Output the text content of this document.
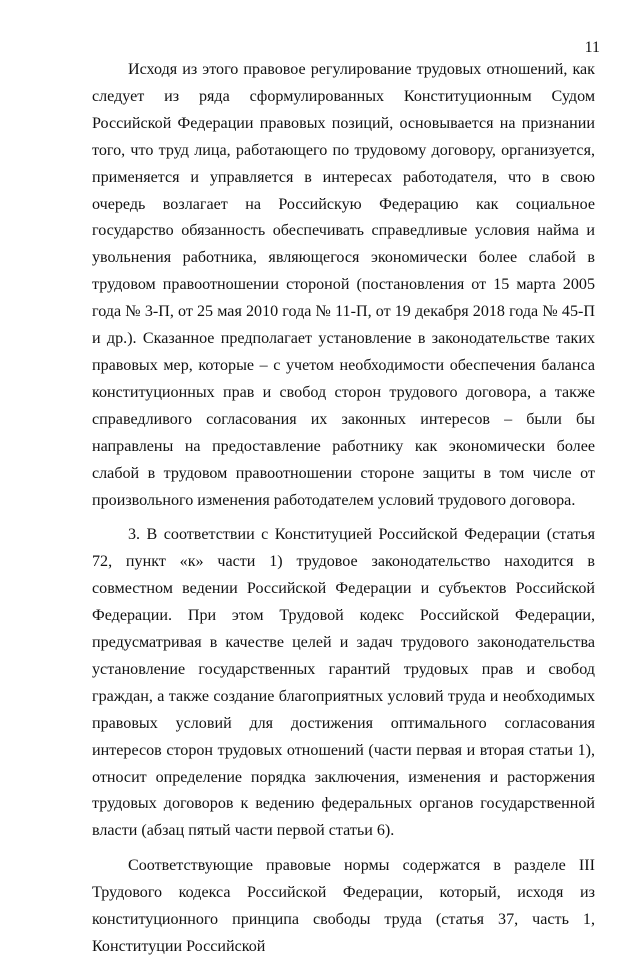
11

Исходя из этого правовое регулирование трудовых отношений, как следует из ряда сформулированных Конституционным Судом Российской Федерации правовых позиций, основывается на признании того, что труд лица, работающего по трудовому договору, организуется, применяется и управляется в интересах работодателя, что в свою очередь возлагает на Российскую Федерацию как социальное государство обязанность обеспечивать справедливые условия найма и увольнения работника, являющегося экономически более слабой в трудовом правоотношении стороной (постановления от 15 марта 2005 года № 3-П, от 25 мая 2010 года № 11-П, от 19 декабря 2018 года № 45-П и др.). Сказанное предполагает установление в законодательстве таких правовых мер, которые – с учетом необходимости обеспечения баланса конституционных прав и свобод сторон трудового договора, а также справедливого согласования их законных интересов – были бы направлены на предоставление работнику как экономически более слабой в трудовом правоотношении стороне защиты в том числе от произвольного изменения работодателем условий трудового договора.

3. В соответствии с Конституцией Российской Федерации (статья 72, пункт «к» части 1) трудовое законодательство находится в совместном ведении Российской Федерации и субъектов Российской Федерации. При этом Трудовой кодекс Российской Федерации, предусматривая в качестве целей и задач трудового законодательства установление государственных гарантий трудовых прав и свобод граждан, а также создание благоприятных условий труда и необходимых правовых условий для достижения оптимального согласования интересов сторон трудовых отношений (части первая и вторая статьи 1), относит определение порядка заключения, изменения и расторжения трудовых договоров к ведению федеральных органов государственной власти (абзац пятый части первой статьи 6).

Соответствующие правовые нормы содержатся в разделе III Трудового кодекса Российской Федерации, который, исходя из конституционного принципа свободы труда (статья 37, часть 1, Конституции Российской
